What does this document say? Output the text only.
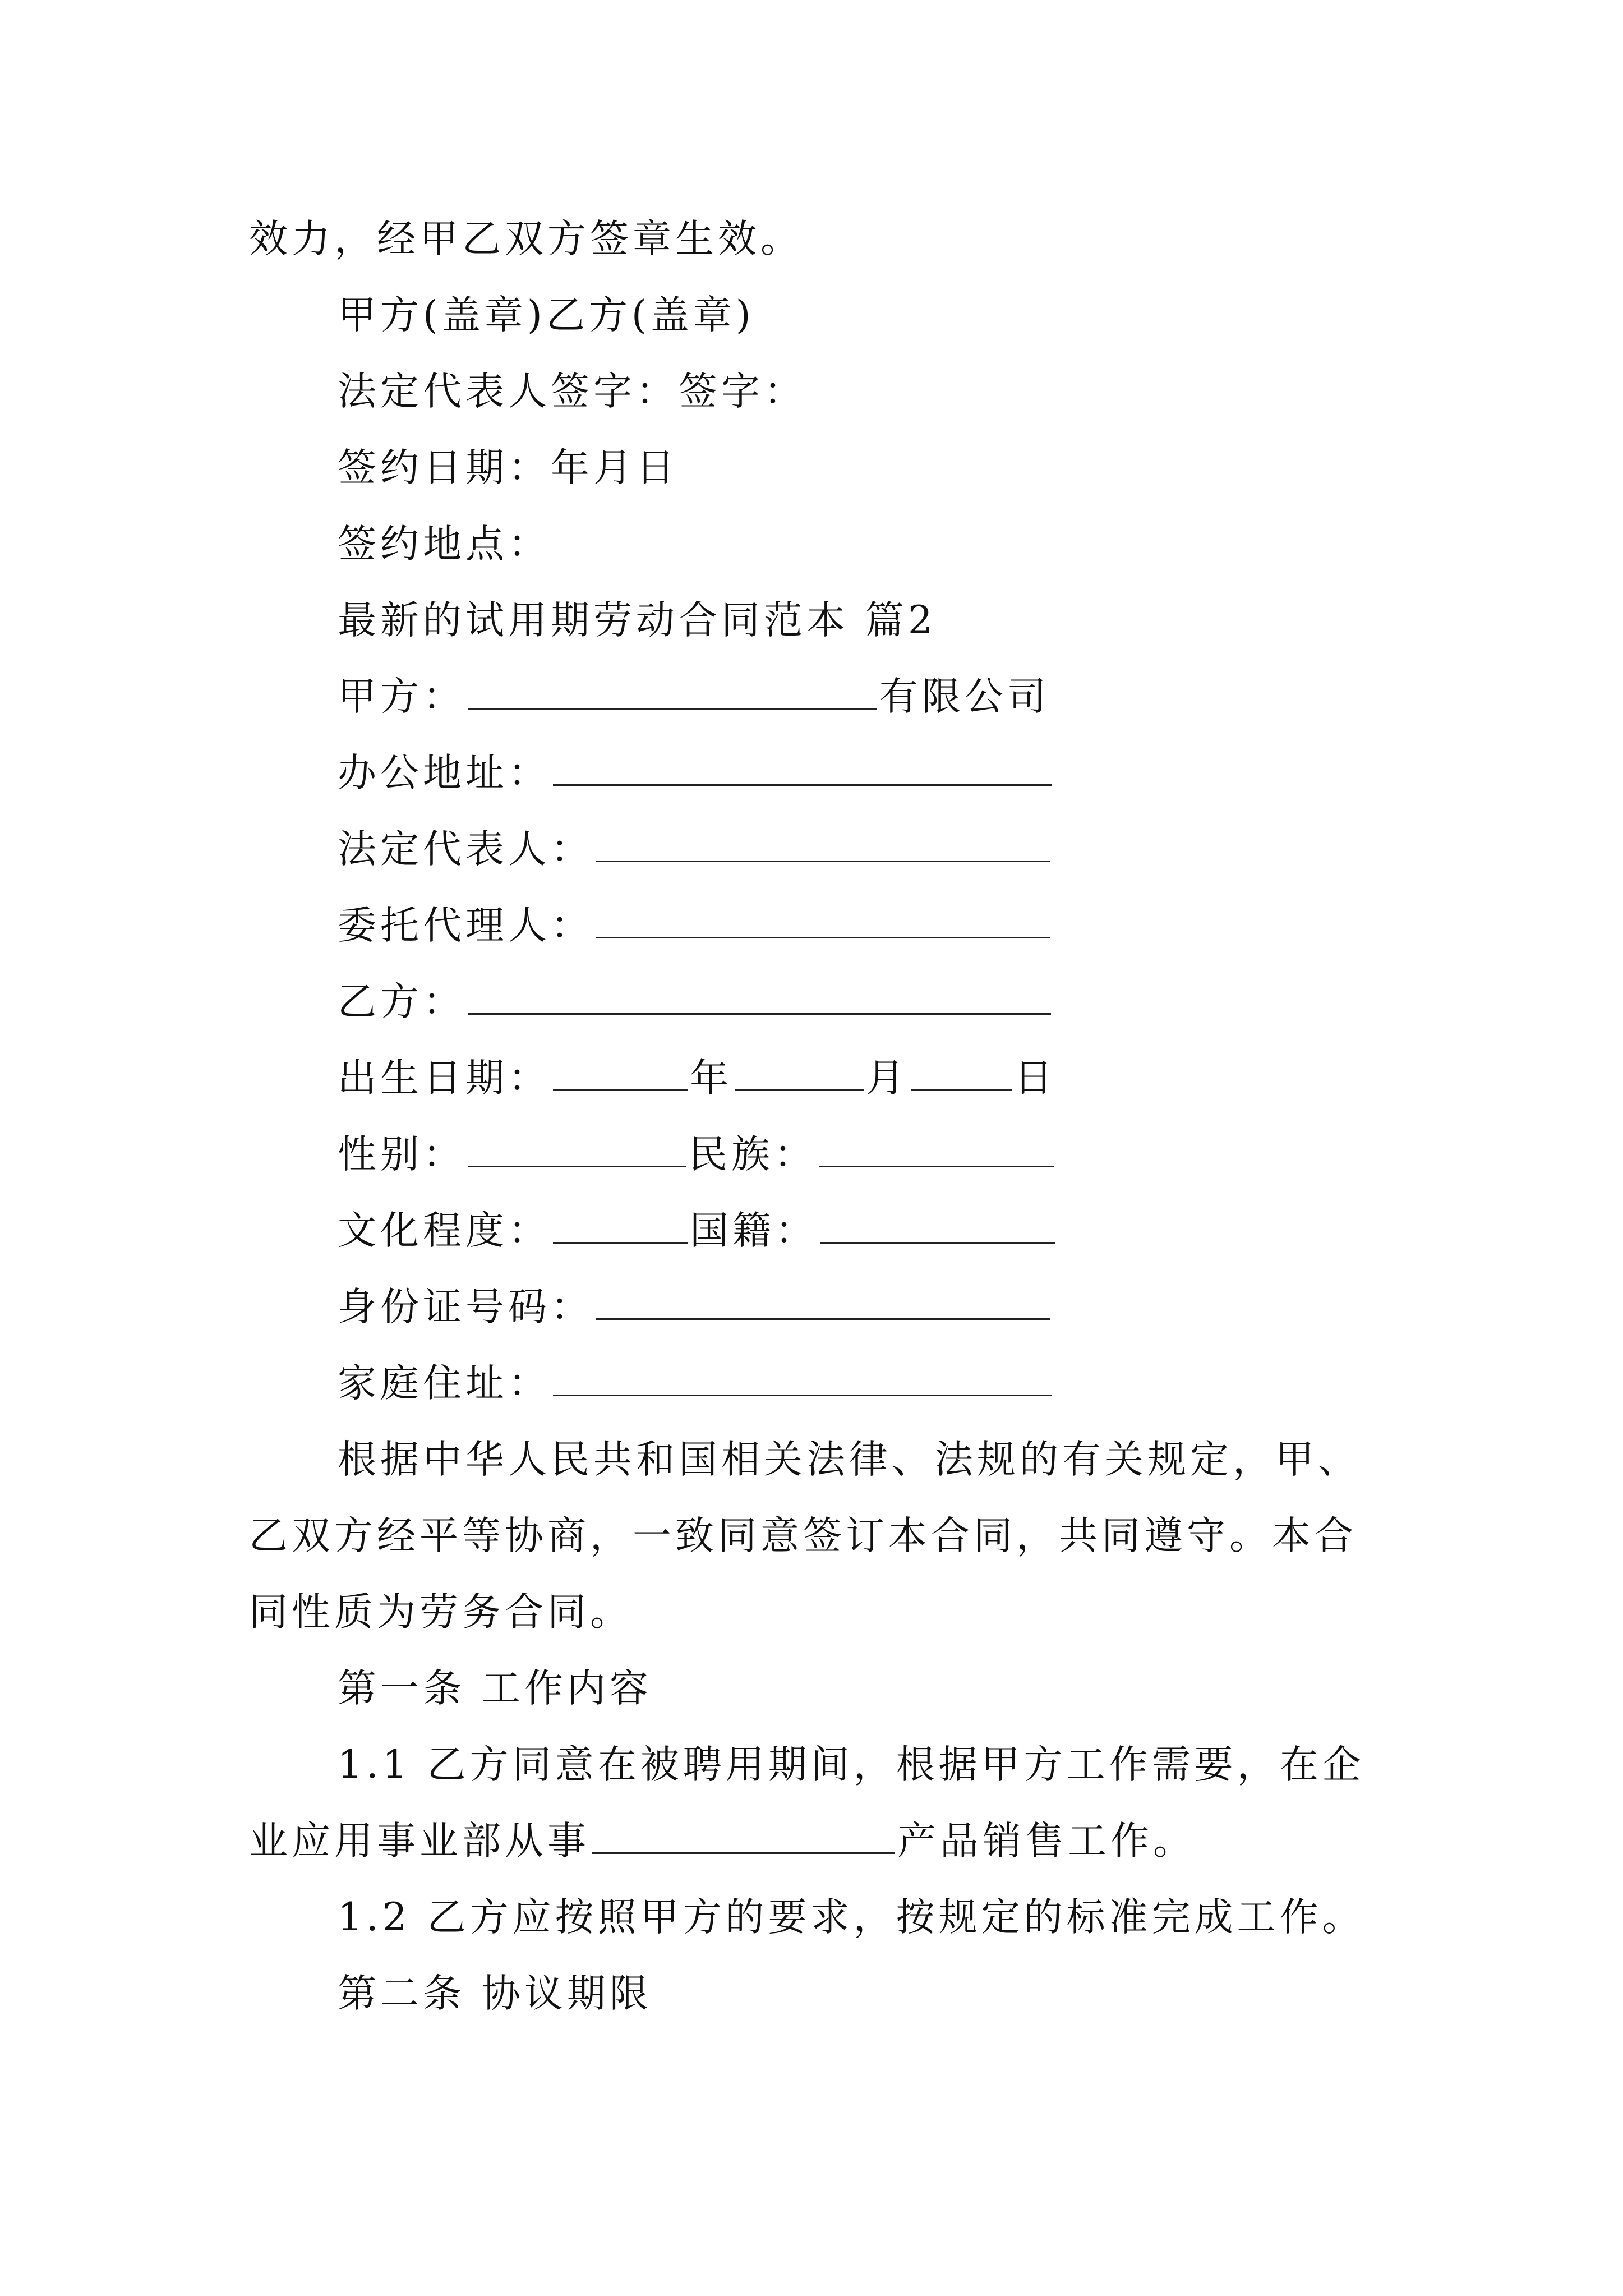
效力，经甲乙双方签章生效。
甲方(盖章)乙方(盖章)
法定代表人签字：签字：
签约日期：年月日
签约地点：
最新的试用期劳动合同范本 篇2
甲方：	有限公司
办公地址：
法定代表人：
委托代理人：
乙方：
出生日期：	年	月	日
性别：	民族：
文化程度：	国籍：
身份证号码：
家庭住址：
根据中华人民共和国相关法律、法规的有关规定，甲、
乙双方经平等协商，一致同意签订本合同，共同遵守。本合
同性质为劳务合同。
第一条 工作内容
1.1 乙方同意在被聘用期间，根据甲方工作需要，在企
业应用事业部从事	产品销售工作。
1.2 乙方应按照甲方的要求，按规定的标准完成工作。
第二条 协议期限
